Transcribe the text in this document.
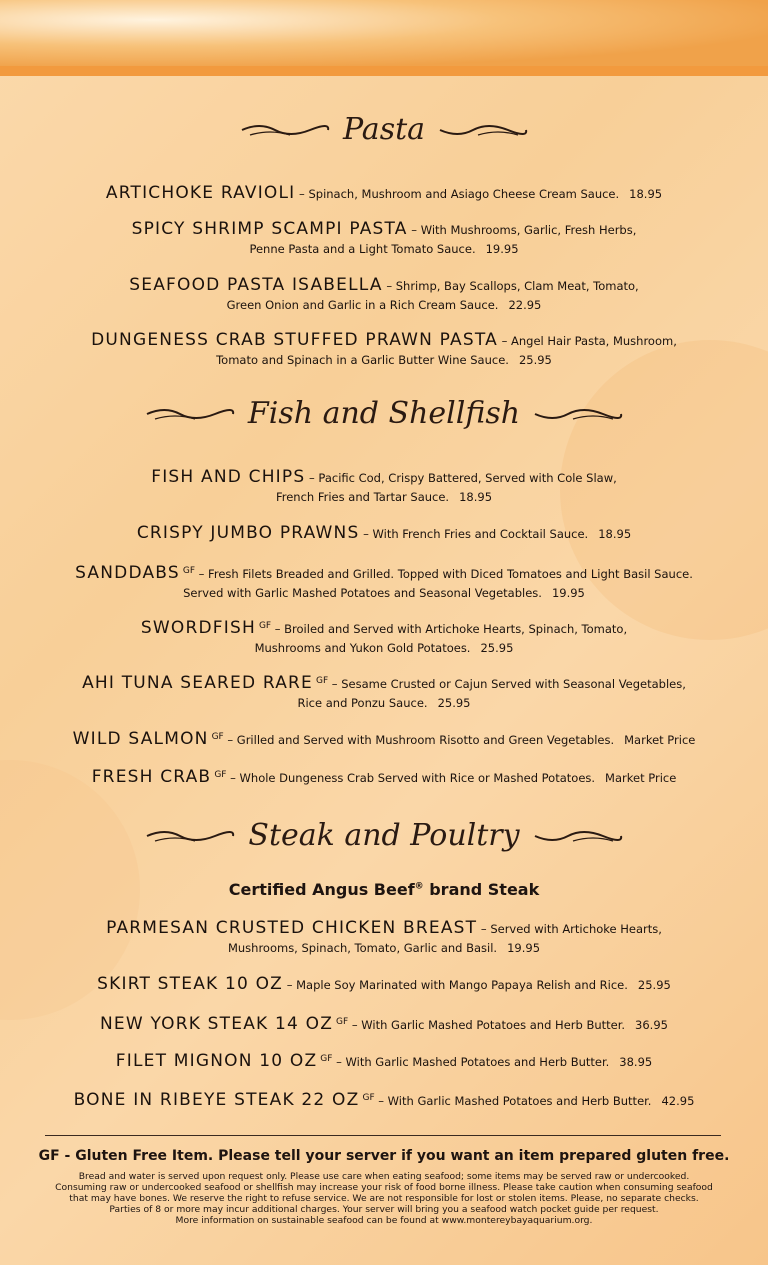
Pasta
ARTICHOKE RAVIOLI – Spinach, Mushroom and Asiago Cheese Cream Sauce. 18.95
SPICY SHRIMP SCAMPI PASTA – With Mushrooms, Garlic, Fresh Herbs,
Penne Pasta and a Light Tomato Sauce. 19.95
SEAFOOD PASTA ISABELLA – Shrimp, Bay Scallops, Clam Meat, Tomato,
Green Onion and Garlic in a Rich Cream Sauce. 22.95
DUNGENESS CRAB STUFFED PRAWN PASTA – Angel Hair Pasta, Mushroom,
Tomato and Spinach in a Garlic Butter Wine Sauce. 25.95
Fish and Shellfish
FISH AND CHIPS – Pacific Cod, Crispy Battered, Served with Cole Slaw,
French Fries and Tartar Sauce. 18.95
CRISPY JUMBO PRAWNS – With French Fries and Cocktail Sauce. 18.95
SANDDABS $^{GF}$ – Fresh Filets Breaded and Grilled. Topped with Diced Tomatoes and Light Basil Sauce.
Served with Garlic Mashed Potatoes and Seasonal Vegetables. 19.95
SWORDFISH $^{GF}$ – Broiled and Served with Artichoke Hearts, Spinach, Tomato,
Mushrooms and Yukon Gold Potatoes. 25.95
AHI TUNA SEARED RARE $^{GF}$ – Sesame Crusted or Cajun Served with Seasonal Vegetables,
Rice and Ponzu Sauce. 25.95
WILD SALMON $^{GF}$ – Grilled and Served with Mushroom Risotto and Green Vegetables. Market Price
FRESH CRAB $^{GF}$ – Whole Dungeness Crab Served with Rice or Mashed Potatoes. Market Price
Steak and Poultry
Certified Angus Beef® brand Steak
PARMESAN CRUSTED CHICKEN BREAST – Served with Artichoke Hearts,
Mushrooms, Spinach, Tomato, Garlic and Basil. 19.95
SKIRT STEAK 10 OZ – Maple Soy Marinated with Mango Papaya Relish and Rice. 25.95
NEW YORK STEAK 14 OZ $^{GF}$ – With Garlic Mashed Potatoes and Herb Butter. 36.95
FILET MIGNON 10 OZ $^{GF}$ – With Garlic Mashed Potatoes and Herb Butter. 38.95
BONE IN RIBEYE STEAK 22 OZ $^{GF}$ – With Garlic Mashed Potatoes and Herb Butter. 42.95
GF - Gluten Free Item. Please tell your server if you want an item prepared gluten free.
Bread and water is served upon request only. Please use care when eating seafood; some items may be served raw or undercooked.
Consuming raw or undercooked seafood or shellfish may increase your risk of food borne illness. Please take caution when consuming seafood
that may have bones. We reserve the right to refuse service. We are not responsible for lost or stolen items. Please, no separate checks.
Parties of 8 or more may incur additional charges. Your server will bring you a seafood watch pocket guide per request.
More information on sustainable seafood can be found at www.montereybayaquarium.org.
